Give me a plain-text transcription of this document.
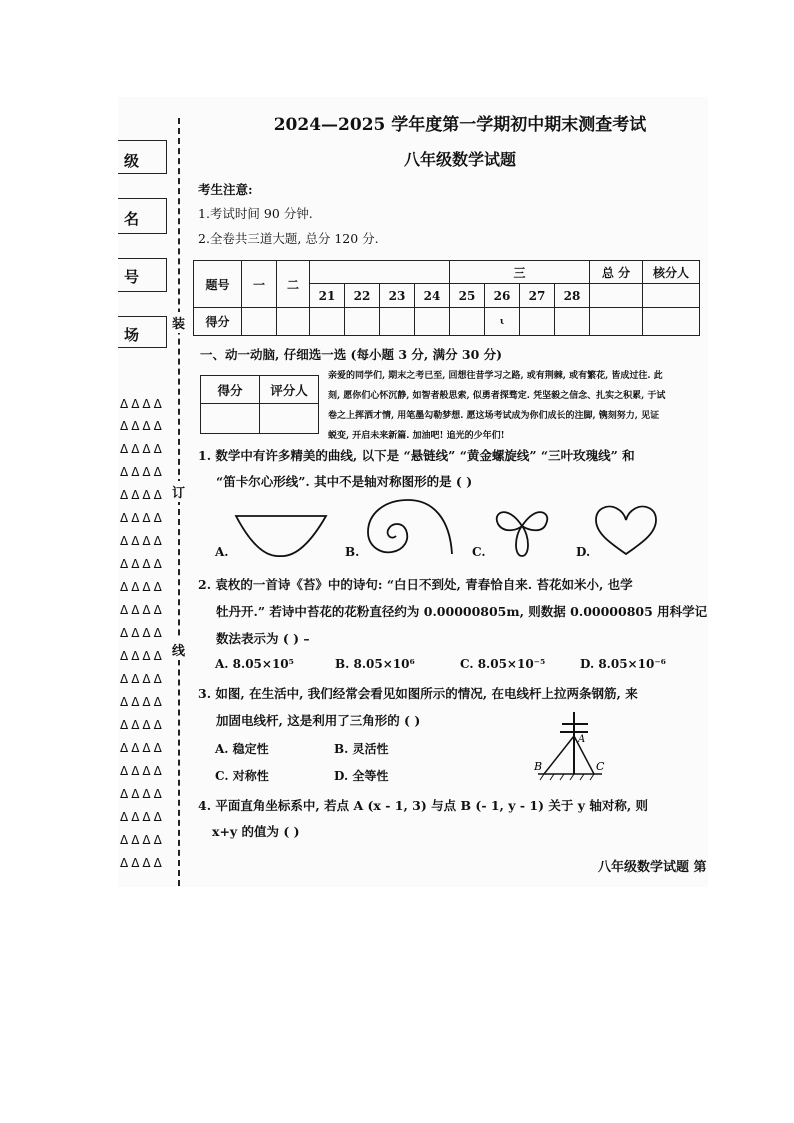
级
名
号
场
装
订
线
ΔΔΔΔ
ΔΔΔΔ
ΔΔΔΔ
ΔΔΔΔ
ΔΔΔΔ
ΔΔΔΔ
ΔΔΔΔ
ΔΔΔΔ
ΔΔΔΔ
ΔΔΔΔ
ΔΔΔΔ
ΔΔΔΔ
ΔΔΔΔ
ΔΔΔΔ
ΔΔΔΔ
ΔΔΔΔ
ΔΔΔΔ
ΔΔΔΔ
ΔΔΔΔ
ΔΔΔΔ
ΔΔΔΔ
2024—2025 学年度第一学期初中期末测查考试
八年级数学试题
考生注意:
1.考试时间 90 分钟.
2.全卷共三道大题, 总分 120 分.
题号	一	二					三				总 分	核分人
			21	22	23	24	25	26	27	28		
得分								ι				
一、动一动脑, 仔细选一选 (每小题 3 分, 满分 30 分)
得分	评分人

亲爱的同学们, 期末之考已至, 回想往昔学习之路, 或有荆棘, 或有繁花, 皆成过往. 此刻, 愿你们心怀沉静, 如智者般思索, 似勇者探骛定. 凭坚毅之信念、扎实之积累, 于试卷之上挥洒才情, 用笔墨勾勒梦想. 愿这场考试成为你们成长的注脚, 镌刻努力, 见证蜕变, 开启未来新篇. 加油吧! 追光的少年们!
1. 数学中有许多精美的曲线, 以下是 “悬链线” “黄金螺旋线” “三叶玫瑰线” 和
“笛卡尔心形线”. 其中不是轴对称图形的是 ( )
A.	B.	C.	D.
2. 袁枚的一首诗《苔》中的诗句: “白日不到处, 青春恰自来. 苔花如米小, 也学
牡丹开.” 若诗中苔花的花粉直径约为 0.00000805m, 则数据 0.00000805 用科学记
数法表示为 ( ) –
A. 8.05×10⁵	B. 8.05×10⁶	C. 8.05×10⁻⁵	D. 8.05×10⁻⁶
3. 如图, 在生活中, 我们经常会看见如图所示的情况, 在电线杆上拉两条钢筋, 来
加固电线杆, 这是利用了三角形的 ( )
A. 稳定性	B. 灵活性
C. 对称性	D. 全等性
A
B	C
4. 平面直角坐标系中, 若点 A (x - 1, 3) 与点 B (- 1, y - 1) 关于 y 轴对称, 则
x+y 的值为 ( )
八年级数学试题 第
